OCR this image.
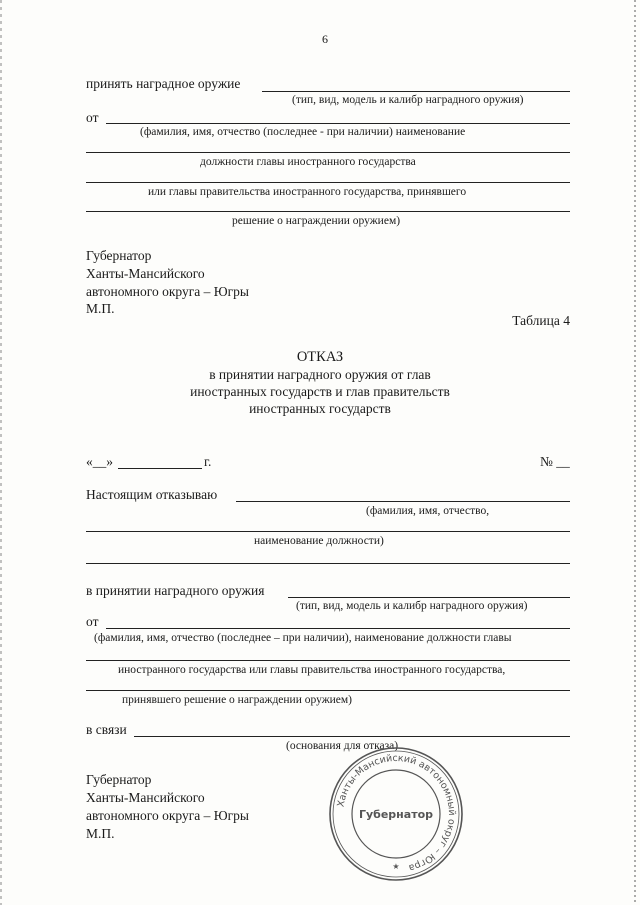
6
принять наградное оружие
(тип, вид, модель и калибр наградного оружия)
от
(фамилия, имя, отчество (последнее - при наличии) наименование
должности главы иностранного государства
или главы правительства иностранного государства, принявшего
решение о награждении оружием)
Губернатор
Ханты-Мансийского
автономного округа – Югры
М.П.
Таблица 4
ОТКАЗ
в принятии наградного оружия от глав
иностранных государств и глав правительств
иностранных государств
«__»	г.	№ __
Настоящим отказываю
(фамилия, имя, отчество,
наименование должности)
в принятии наградного оружия
(тип, вид, модель и калибр наградного оружия)
от
(фамилия, имя, отчество (последнее – при наличии), наименование должности главы
иностранного государства или главы правительства иностранного государства,
принявшего решение о награждении оружием)
в связи
(основания для отказа)
Губернатор
Ханты-Мансийского
автономного округа – Югры
М.П.
Ханты-Мансийский автономный округ – Югра
Губернатор
★
